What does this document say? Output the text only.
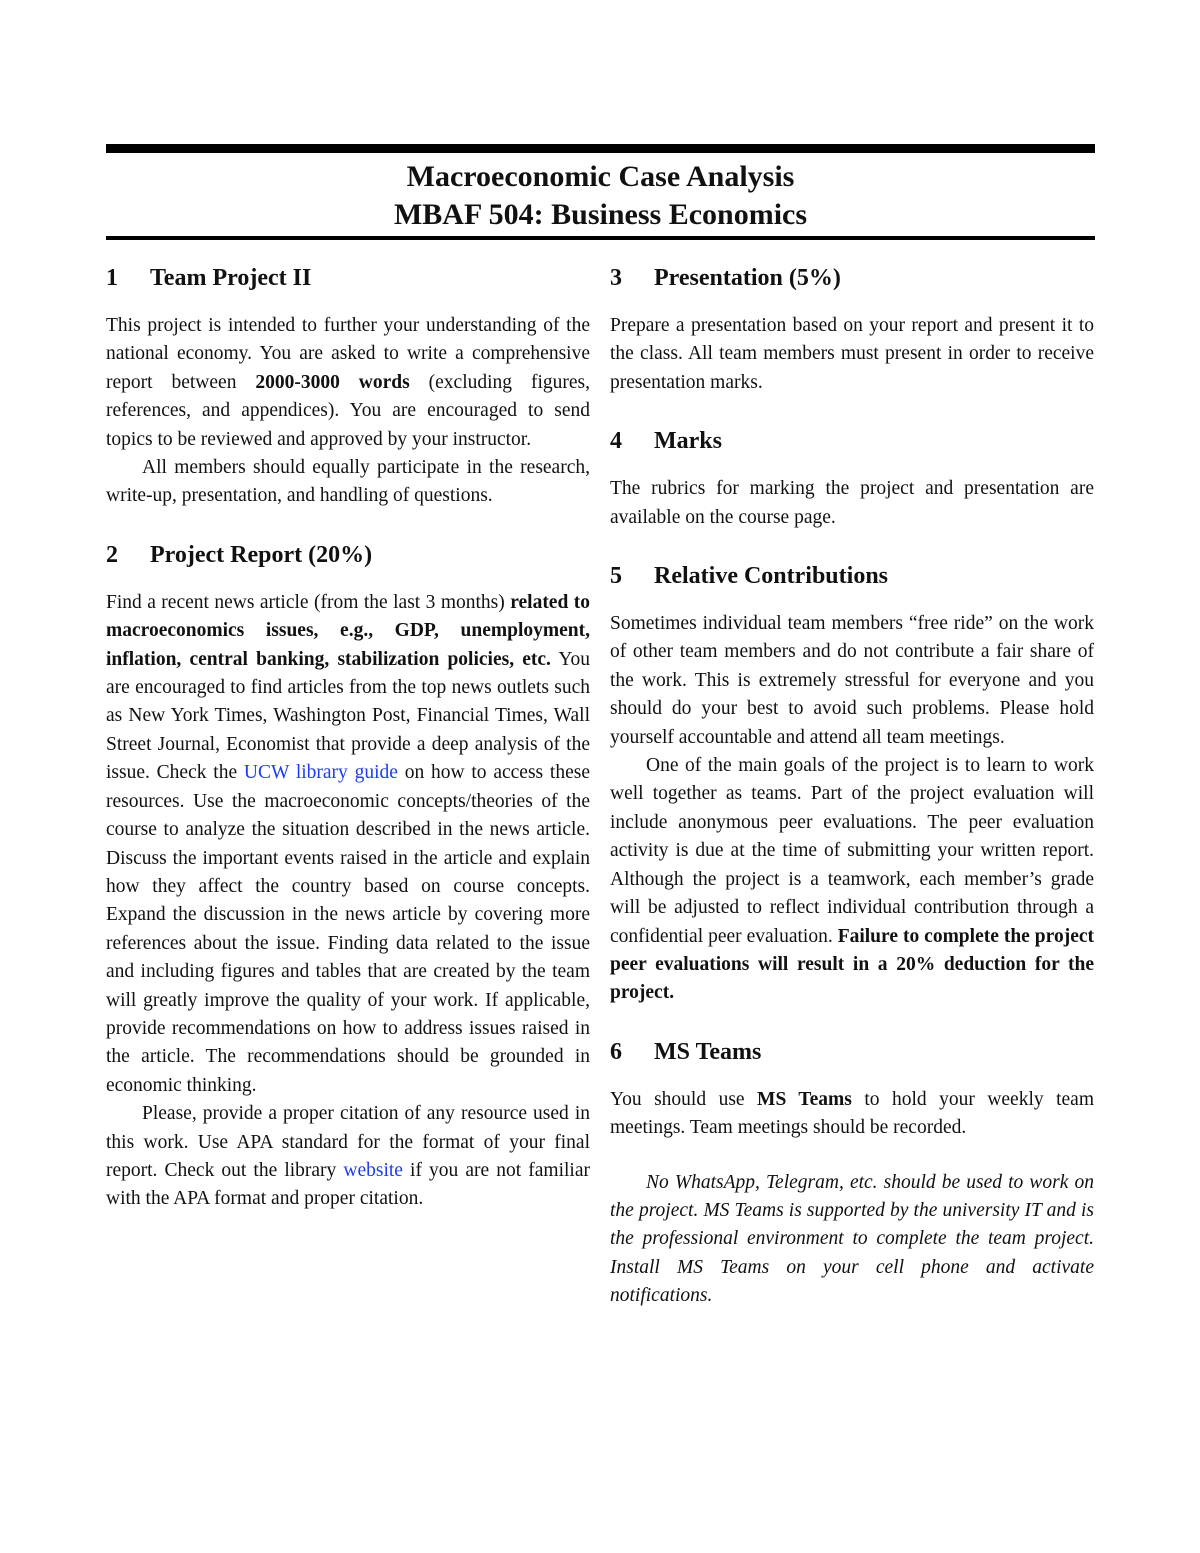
Macroeconomic Case Analysis
MBAF 504: Business Economics
1 Team Project II

This project is intended to further your understanding of the national economy. You are asked to write a comprehensive report between 2000-3000 words (excluding figures, references, and appendices). You are encouraged to send topics to be reviewed and approved by your instructor.

All members should equally participate in the research, write-up, presentation, and handling of questions.

2 Project Report (20%)

Find a recent news article (from the last 3 months) related to macroeconomics issues, e.g., GDP, unemployment, inflation, central banking, stabilization policies, etc. You are encouraged to find articles from the top news outlets such as New York Times, Washington Post, Financial Times, Wall Street Journal, Economist that provide a deep analysis of the issue. Check the UCW library guide on how to access these resources. Use the macroeconomic concepts/theories of the course to analyze the situation described in the news article. Discuss the important events raised in the article and explain how they affect the country based on course concepts. Expand the discussion in the news article by covering more references about the issue. Finding data related to the issue and including figures and tables that are created by the team will greatly improve the quality of your work. If applicable, provide recommendations on how to address issues raised in the article. The recommendations should be grounded in economic thinking.

Please, provide a proper citation of any resource used in this work. Use APA standard for the format of your final report. Check out the library website if you are not familiar with the APA format and proper citation.

3 Presentation (5%)

Prepare a presentation based on your report and present it to the class. All team members must present in order to receive presentation marks.

4 Marks

The rubrics for marking the project and presentation are available on the course page.

5 Relative Contributions

Sometimes individual team members “free ride” on the work of other team members and do not contribute a fair share of the work. This is extremely stressful for everyone and you should do your best to avoid such problems. Please hold yourself accountable and attend all team meetings.

One of the main goals of the project is to learn to work well together as teams. Part of the project evaluation will include anonymous peer evaluations. The peer evaluation activity is due at the time of submitting your written report. Although the project is a teamwork, each member’s grade will be adjusted to reflect individual contribution through a confidential peer evaluation. Failure to complete the project peer evaluations will result in a 20% deduction for the project.

6 MS Teams

You should use MS Teams to hold your weekly team meetings. Team meetings should be recorded.

No WhatsApp, Telegram, etc. should be used to work on the project. MS Teams is supported by the university IT and is the professional environment to complete the team project. Install MS Teams on your cell phone and activate notifications.
